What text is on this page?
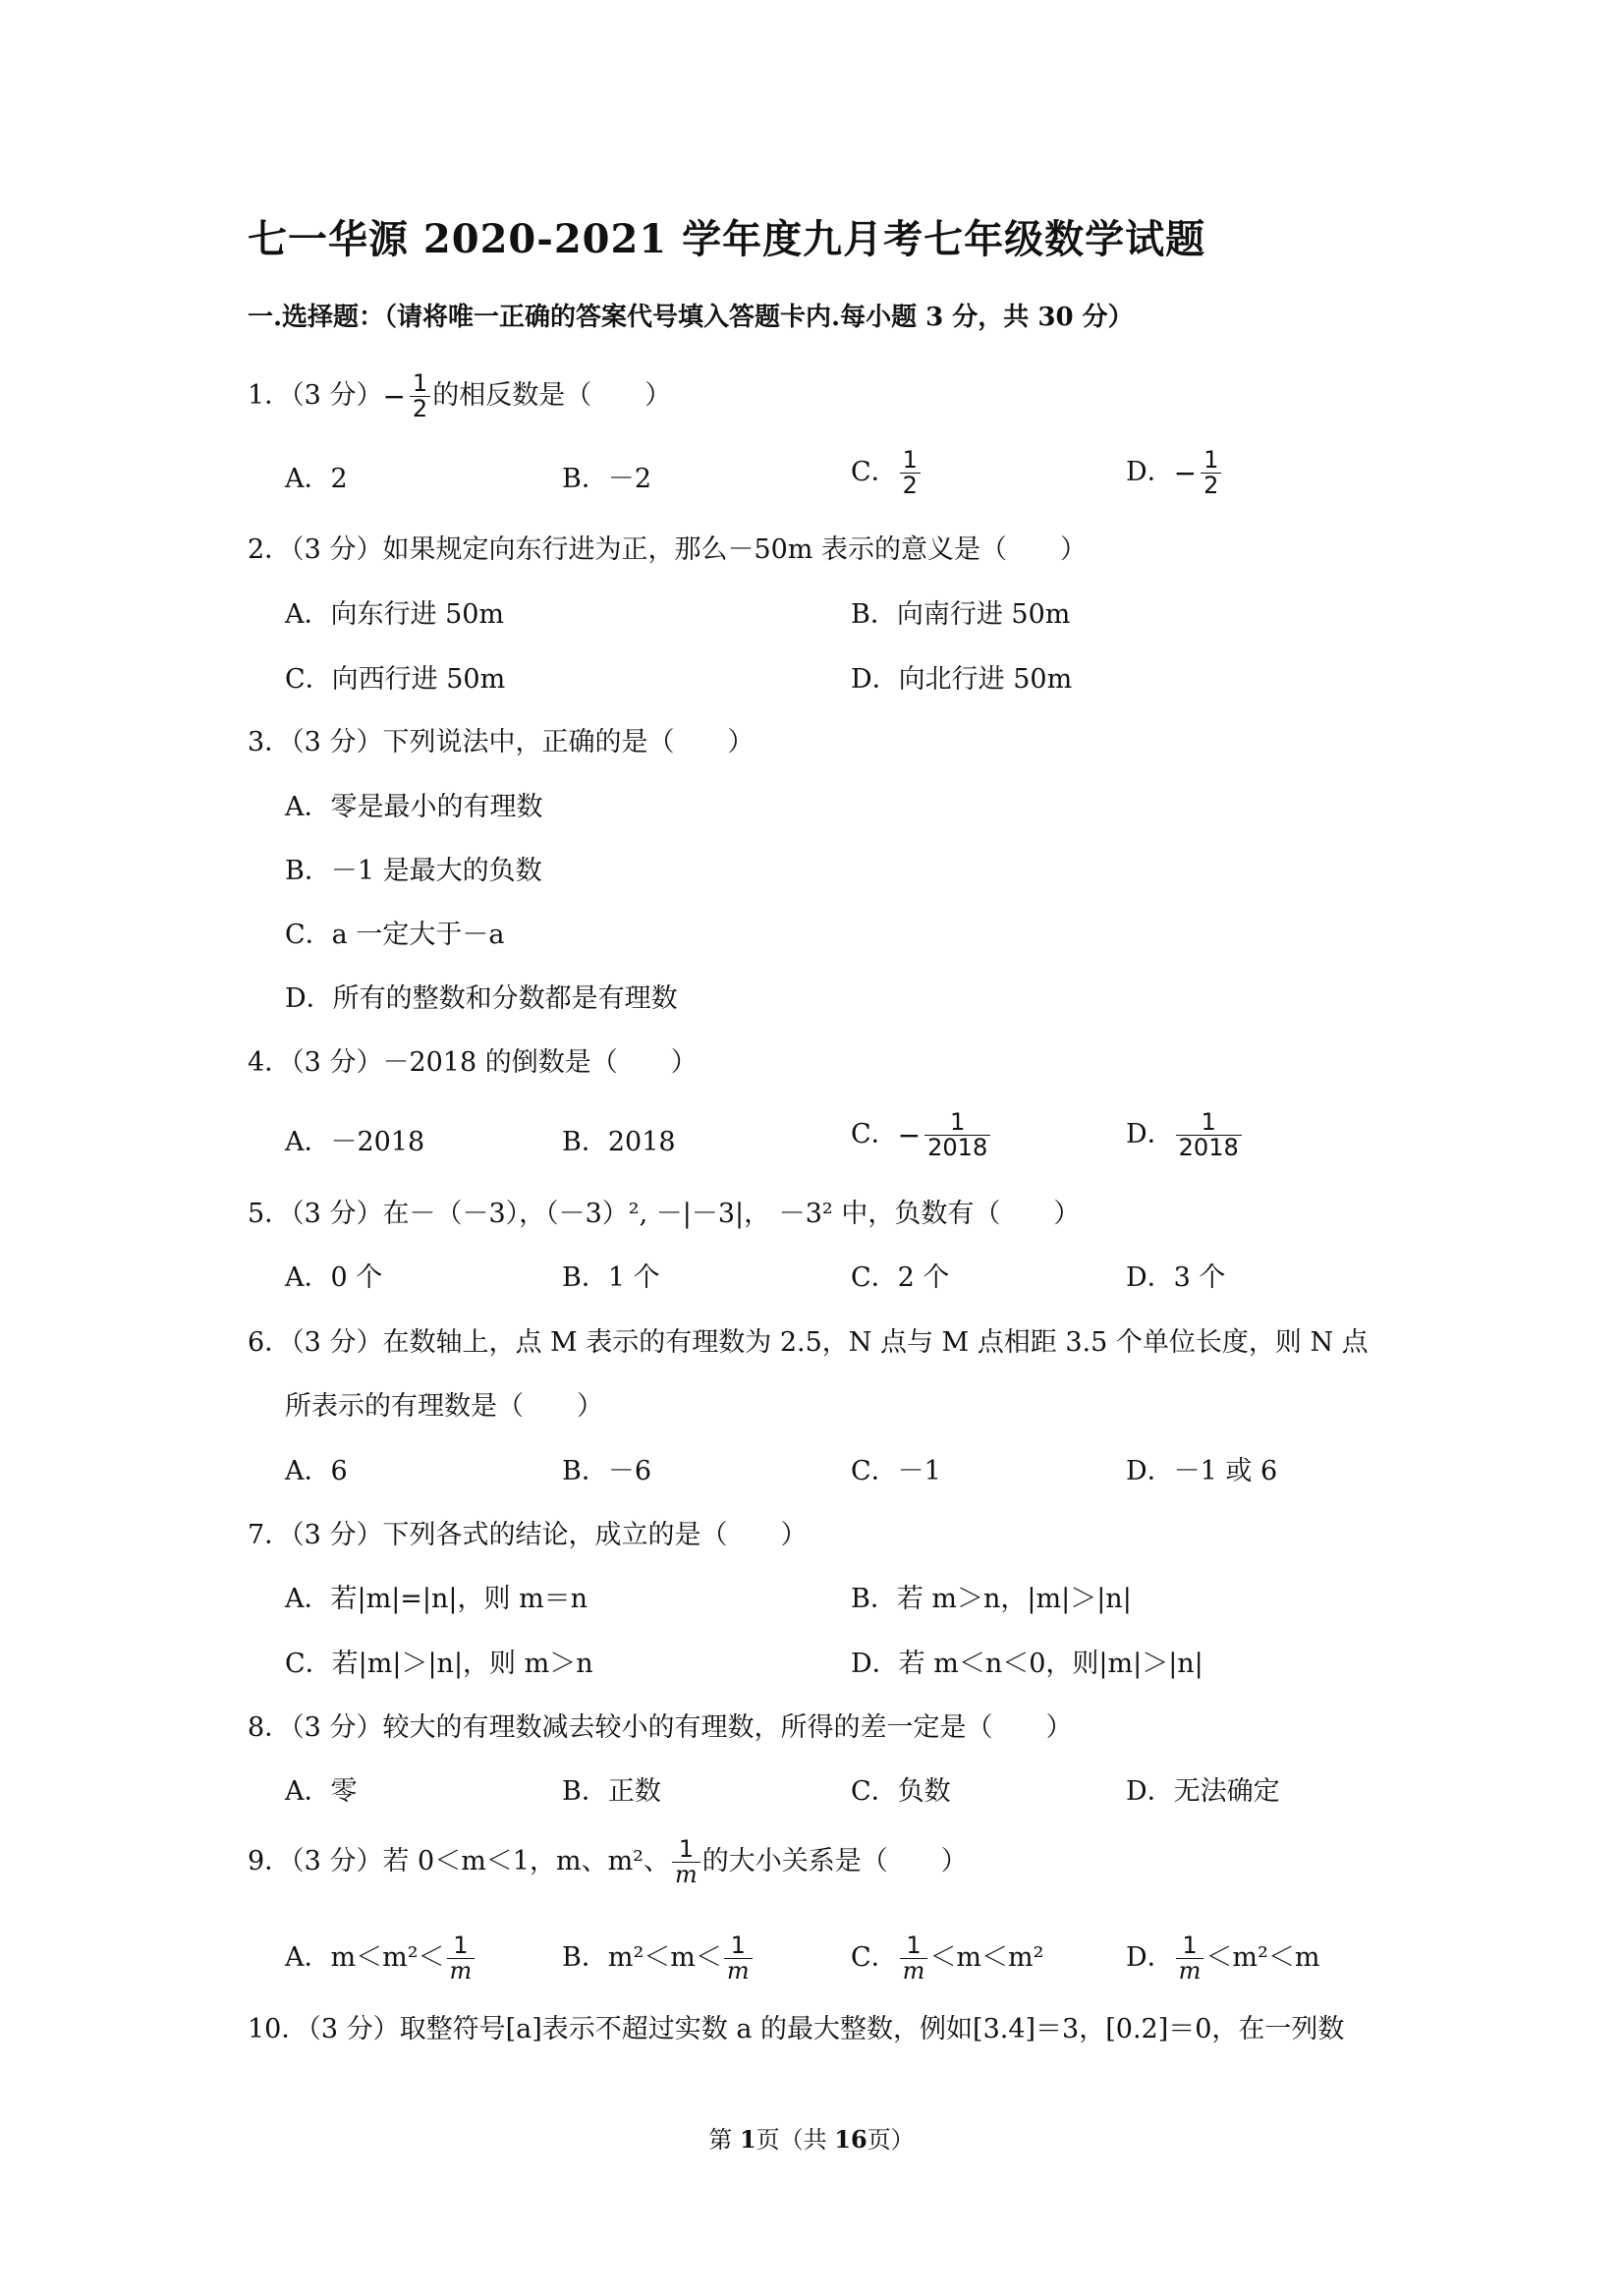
七一华源 2020-2021 学年度九月考七年级数学试题
一.选择题：（请将唯一正确的答案代号填入答题卡内.每小题 3 分，共 30 分）
1．（3 分）− $\frac{1}{2}$ 的相反数是（　　）
A．2	B．－2	C． $\frac{1}{2}$	D．− $\frac{1}{2}$
2．（3 分）如果规定向东行进为正，那么－50m 表示的意义是（　　）
A．向东行进 50m	B．向南行进 50m
C．向西行进 50m	D．向北行进 50m
3．（3 分）下列说法中，正确的是（　　）
A．零是最小的有理数
B．－1 是最大的负数
C．a 一定大于－a
D．所有的整数和分数都是有理数
4．（3 分）－2018 的倒数是（　　）
A．－2018	B．2018	C．− $\frac{1}{2018}$	D． $\frac{1}{2018}$
5．（3 分）在－（－3），（－3）², －|－3|， －3² 中，负数有（　　）
A．0 个	B．1 个	C．2 个	D．3 个
6．（3 分）在数轴上，点 M 表示的有理数为 2.5，N 点与 M 点相距 3.5 个单位长度，则 N 点
所表示的有理数是（　　）
A．6	B．－6	C．－1	D．－1 或 6
7．（3 分）下列各式的结论，成立的是（　　）
A．若|m|=|n|，则 m＝n	B．若 m＞n，|m|＞|n|
C．若|m|＞|n|，则 m＞n	D．若 m＜n＜0，则|m|＞|n|
8．（3 分）较大的有理数减去较小的有理数，所得的差一定是（　　）
A．零	B．正数	C．负数	D．无法确定
9．（3 分）若 0＜m＜1，m、m²、 $\frac{1}{m}$ 的大小关系是（　　）
A．$m<m^2< \frac{1}{m}$	B．$m^2<m< \frac{1}{m}$	C． $\frac{1}{m} <m<m^2$	D． $\frac{1}{m} <m^2<m$
10．（3 分）取整符号[a]表示不超过实数 a 的最大整数，例如[3.4]＝3，[0.2]＝0，在一列数
第 1页（共 16页）
